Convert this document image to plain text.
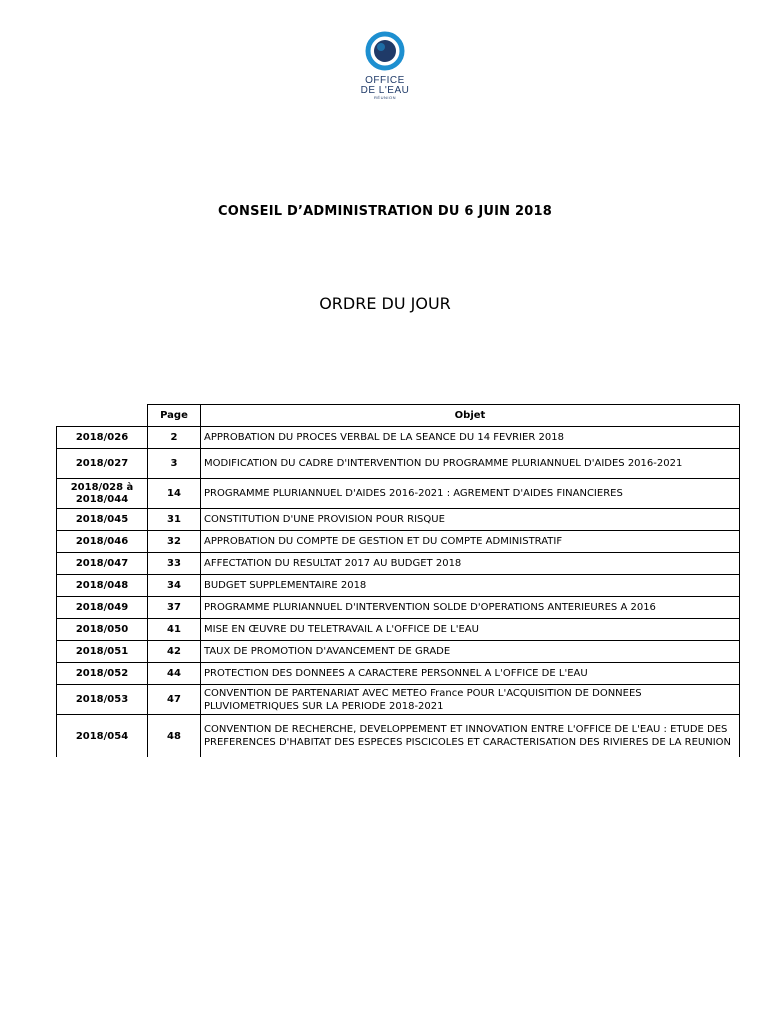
OFFICE
DE L'EAU
RÉUNION
CONSEIL D’ADMINISTRATION DU 6 JUIN 2018
ORDRE DU JOUR
	Page	Objet
2018/026	2	APPROBATION DU PROCES VERBAL DE LA SEANCE DU 14 FEVRIER 2018
2018/027	3	MODIFICATION DU CADRE D'INTERVENTION DU PROGRAMME PLURIANNUEL D'AIDES 2016-2021

2018/028 à
2018/044	14	PROGRAMME PLURIANNUEL D'AIDES 2016-2021 : AGREMENT D'AIDES FINANCIERES
2018/045	31	CONSTITUTION D'UNE PROVISION POUR RISQUE
2018/046	32	APPROBATION DU COMPTE DE GESTION ET DU COMPTE ADMINISTRATIF
2018/047	33	AFFECTATION DU RESULTAT 2017 AU BUDGET 2018
2018/048	34	BUDGET SUPPLEMENTAIRE 2018
2018/049	37	PROGRAMME PLURIANNUEL D'INTERVENTION SOLDE D'OPERATIONS ANTERIEURES A 2016
2018/050	41	MISE EN ŒUVRE DU TELETRAVAIL A L'OFFICE DE L'EAU
2018/051	42	TAUX DE PROMOTION D'AVANCEMENT DE GRADE
2018/052	44	PROTECTION DES DONNEES A CARACTERE PERSONNEL A L'OFFICE DE L'EAU
2018/053	47	CONVENTION DE PARTENARIAT AVEC METEO France POUR L'ACQUISITION DE DONNEES PLUVIOMETRIQUES SUR LA PERIODE 2018-2021
2018/054	48	CONVENTION DE RECHERCHE, DEVELOPPEMENT ET INNOVATION ENTRE L'OFFICE DE L'EAU : ETUDE DES PREFERENCES D'HABITAT DES ESPECES PISCICOLES ET CARACTERISATION DES RIVIERES DE LA REUNION
